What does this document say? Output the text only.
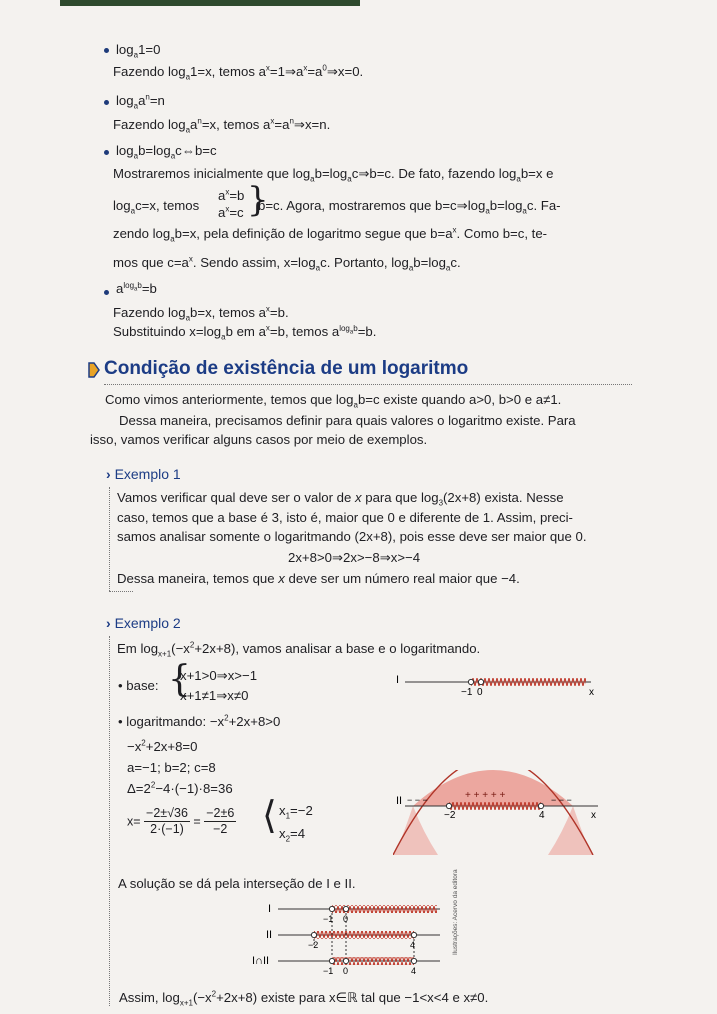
$\log_a1=0$
Fazendo $\log_a1=x$, temos $a^x=1\Rightarrow a^x=a^0\Rightarrow x=0$.
$\log_aa^n=n$
Fazendo $\log_aa^n=x$, temos $a^x=a^n\Rightarrow x=n$.
$\log_ab=\log_ac\Leftrightarrow b=c$
Mostraremos inicialmente que $\log_ab=\log_ac\Rightarrow b=c$. De fato, fazendo $\log_ab=x$ e
$\log_ac=x$, temos
$a^x=b$
$a^x=c$ }
b=c. Agora, mostraremos que $b=c\Rightarrow\log_ab=\log_ac$. Fa-
zendo $\log_ab=x$, pela definição de logaritmo segue que $b=a^x$. Como b=c, te-
mos que $c=a^x$. Sendo assim, $x=\log_ac$. Portanto, $\log_ab=\log_ac$.
$a^{log_ab}=b$
Fazendo $\log_ab=x$, temos $a^x=b$.
Substituindo $x=\log_ab$ em $a^x=b$, temos $a^{log_ab}=b$.
Condição de existência de um logaritmo
Como vimos anteriormente, temos que $\log_ab=c$ existe quando a>0, b>0 e a≠1.
Dessa maneira, precisamos definir para quais valores o logaritmo existe. Para
isso, vamos verificar alguns casos por meio de exemplos.
› Exemplo 1
Vamos verificar qual deve ser o valor de x para que $\log_3(2x+8)$ exista. Nesse
caso, temos que a base é 3, isto é, maior que 0 e diferente de 1. Assim, preci-
samos analisar somente o logaritmando (2x+8), pois esse deve ser maior que 0.
2x+8>0⇒2x>−8⇒x>−4
Dessa maneira, temos que x deve ser um número real maior que −4.
› Exemplo 2
Em $\log_{x+1}(-x^2+2x+8)$, vamos analisar a base e o logaritmando.
• base: {
x+1>0⇒x>−1
x+1≠1⇒x≠0
• logaritmando: $-x^2+2x+8>0$
$-x^2+2x+8=0$
a=−1; b=2; c=8
$\Delta=2^2-4\cdot(-1)\cdot 8=36$
$x= \frac{-2\pm√36}{2\cdot(-1)} = \frac{-2\pm 6}{-2}$ ⟨ $x_1=-2$
$x_2=4$
I
−1 0	x
II	+ + + + +
− − −	− − −
−2	4	x
A solução se dá pela interseção de I e II.
I
II
I∩II
−1 0
−2	4
−1 0	4
Ilustrações: Acervo da editora
Assim, $\log_{x+1}(-x^2+2x+8)$ existe para x∈ℝ tal que −1<x<4 e x≠0.
